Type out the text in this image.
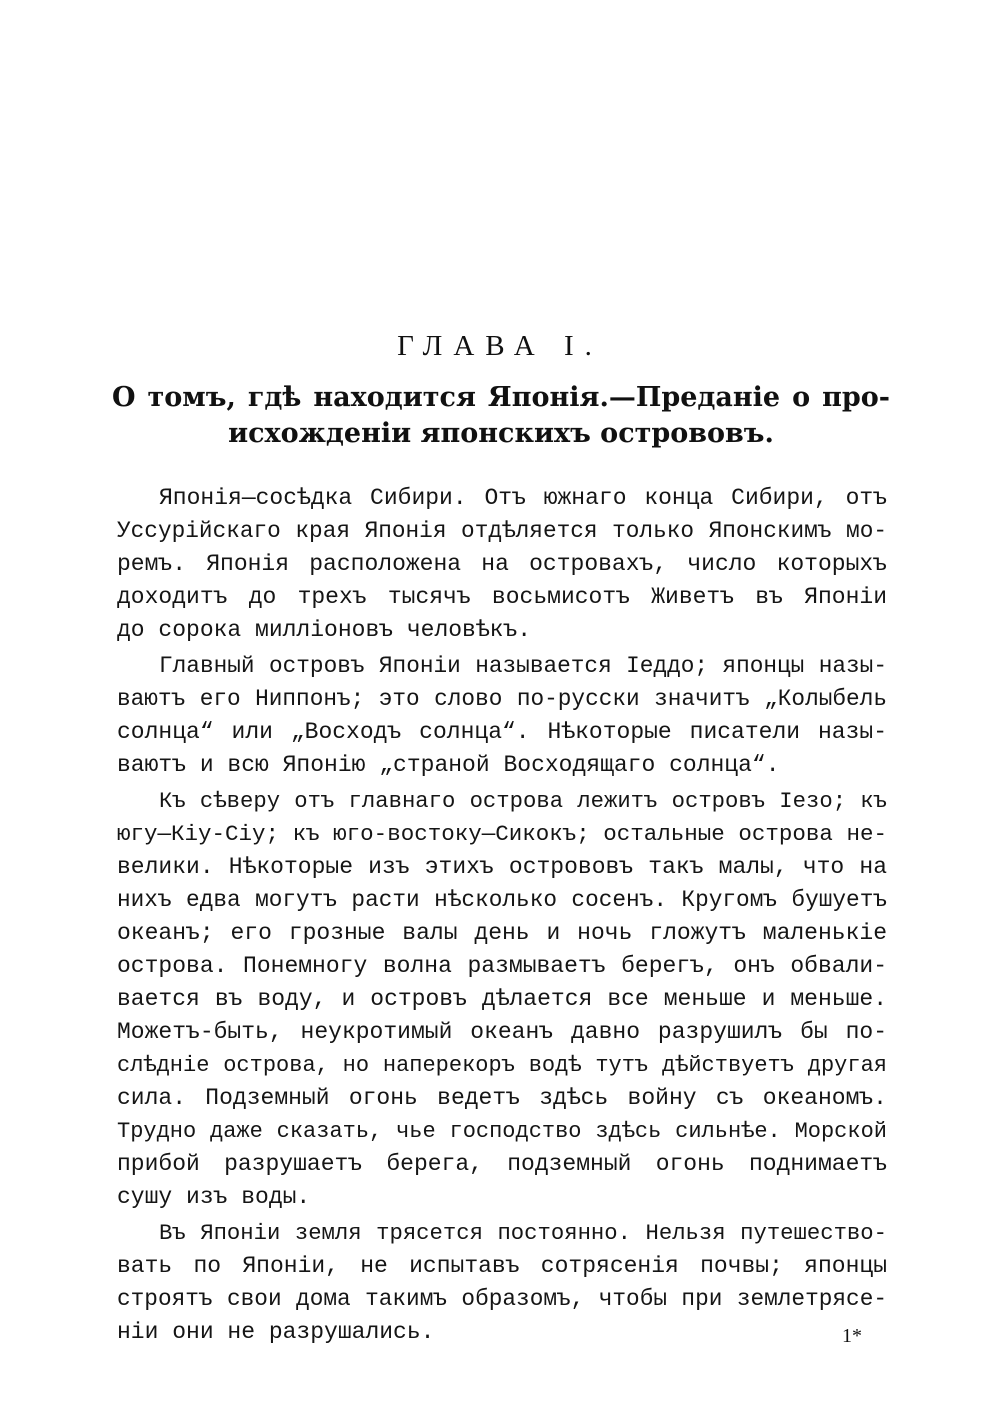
ГЛАВА I.
О томъ, гдѣ находится Японія.—Преданіе о про-
исхожденіи японскихъ острововъ.
Японія—сосѣдка Сибири. Отъ южнаго конца Сибири, отъ
Уссурійскаго края Японія отдѣляется только Японскимъ мо-
ремъ. Японія расположена на островахъ, число которыхъ
доходитъ до трехъ тысячъ восьмисотъ Живетъ въ Японіи
до сорока милліоновъ человѣкъ.
Главный островъ Японіи называется Іеддо; японцы назы-
ваютъ его Ниппонъ; это слово по-русски значитъ „Колыбель
солнца“ или „Восходъ солнца“. Нѣкоторые писатели назы-
ваютъ и всю Японію „страной Восходящаго солнца“.
Къ сѣверу отъ главнаго острова лежитъ островъ Іезо; къ
югу—Кіу-Сіу; къ юго-востоку—Сикокъ; остальные острова не-
велики. Нѣкоторые изъ этихъ острововъ такъ малы, что на
нихъ едва могутъ расти нѣсколько сосенъ. Кругомъ бушуетъ
океанъ; его грозные валы день и ночь гложутъ маленькіе
острова. Понемногу волна размываетъ берегъ, онъ обвали-
вается въ воду, и островъ дѣлается все меньше и меньше.
Можетъ-быть, неукротимый океанъ давно разрушилъ бы по-
слѣдніе острова, но наперекоръ водѣ тутъ дѣйствуетъ другая
сила. Подземный огонь ведетъ здѣсь войну съ океаномъ.
Трудно даже сказать, чье господство здѣсь сильнѣе. Морской
прибой разрушаетъ берега, подземный огонь поднимаетъ
сушу изъ воды.
Въ Японіи земля трясется постоянно. Нельзя путешество-
вать по Японіи, не испытавъ сотрясенія почвы; японцы
строятъ свои дома такимъ образомъ, чтобы при землетрясе-
ніи они не разрушались.	1*
